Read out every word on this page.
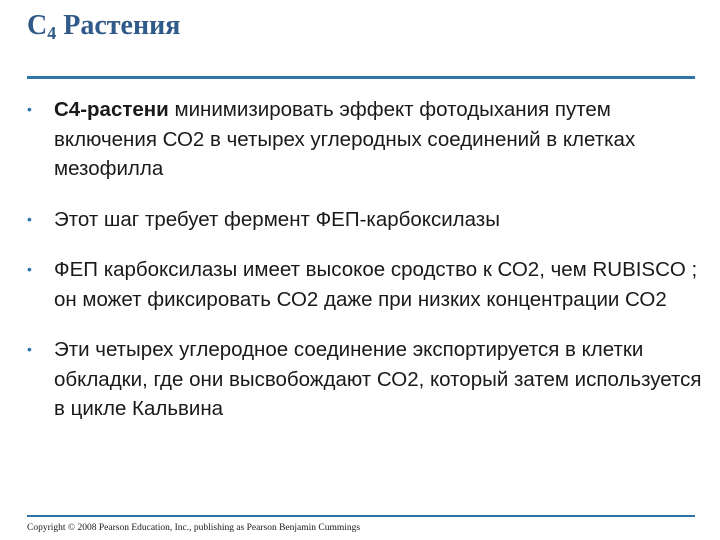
$C_4$ Растения
• С4-растени минимизировать эффект фотодыхания путем включения СО2 в четырех углеродных соединений в клетках мезофилла
• Этот шаг требует фермент ФЕП-карбоксилазы
• ФЕП карбоксилазы имеет высокое сродство к СО2, чем RUBISCO ; он может фиксировать СО2 даже при низких концентрации СО2
• Эти четырех углеродное соединение экспортируется в клетки обкладки, где они высвобождают СО2, который затем используется в цикле Кальвина
Copyright © 2008 Pearson Education, Inc., publishing as Pearson Benjamin Cummings
